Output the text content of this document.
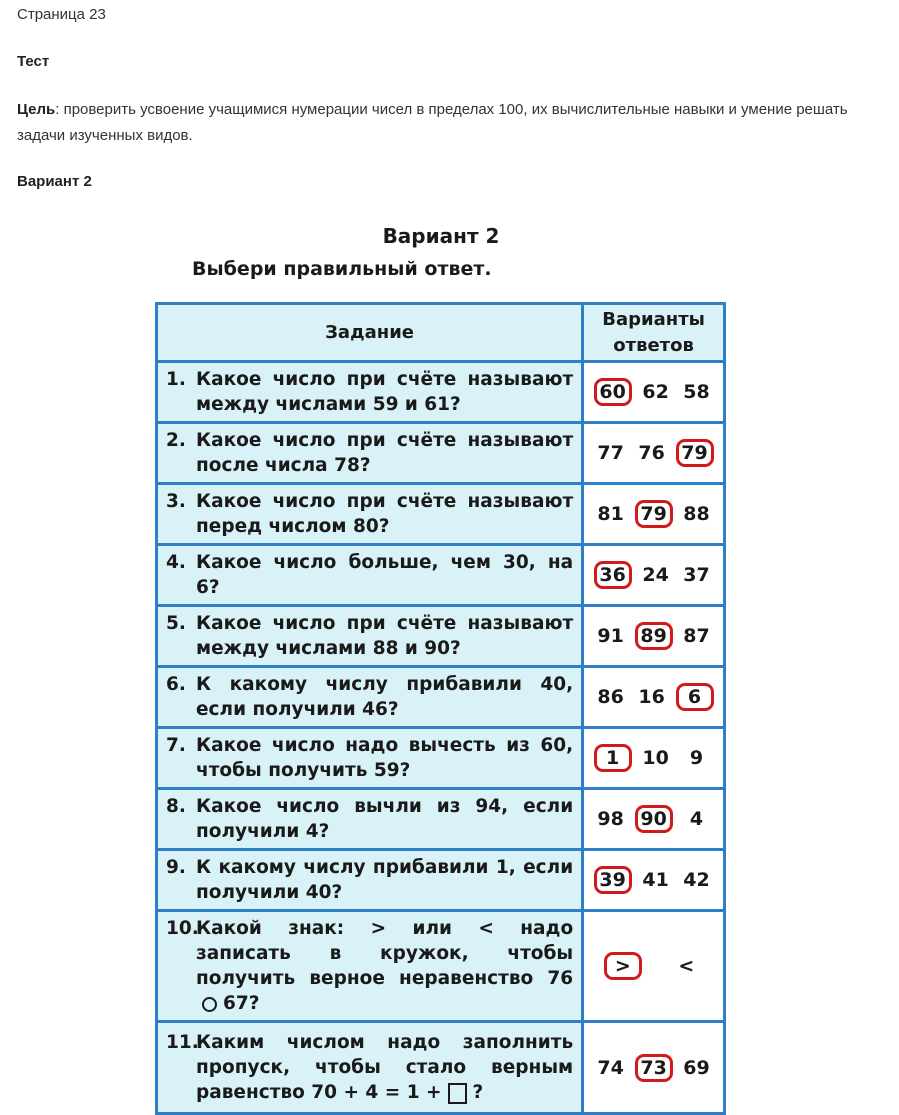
Страница 23
Тест
Цель: проверить усвоение учащимися нумерации чисел в пределах 100, их вычислительные навыки и умение решать задачи изученных видов.
Вариант 2
Вариант 2
Выбери правильный ответ.
Задание	Варианты ответов

1. Какое число при счёте называют между числами 59 и 61?	60 62 58

2. Какое число при счёте называют после числа 78?	77 76 79

3. Какое число при счёте называют перед числом 80?	81 79 88

4. Какое число больше, чем 30, на 6?	36 24 37

5. Какое число при счёте называют между числами 88 и 90?	91 89 87

6. К какому числу прибавили 40, если получили 46?	86 16 6

7. Какое число надо вычесть из 60, чтобы получить 59?	1 10 9

8. Какое число вычли из 94, если получили 4?	98 90 4

9. К какому числу прибавили 1, если получили 40?	39 41 42

10.
Какой знак: > или < надо записать в кружок, чтобы получить верное неравенство 7667?	> <

11.
Каким числом надо заполнить пропуск, чтобы стало верным равенство 70 + 4 = 1 + ?	74 73 69
